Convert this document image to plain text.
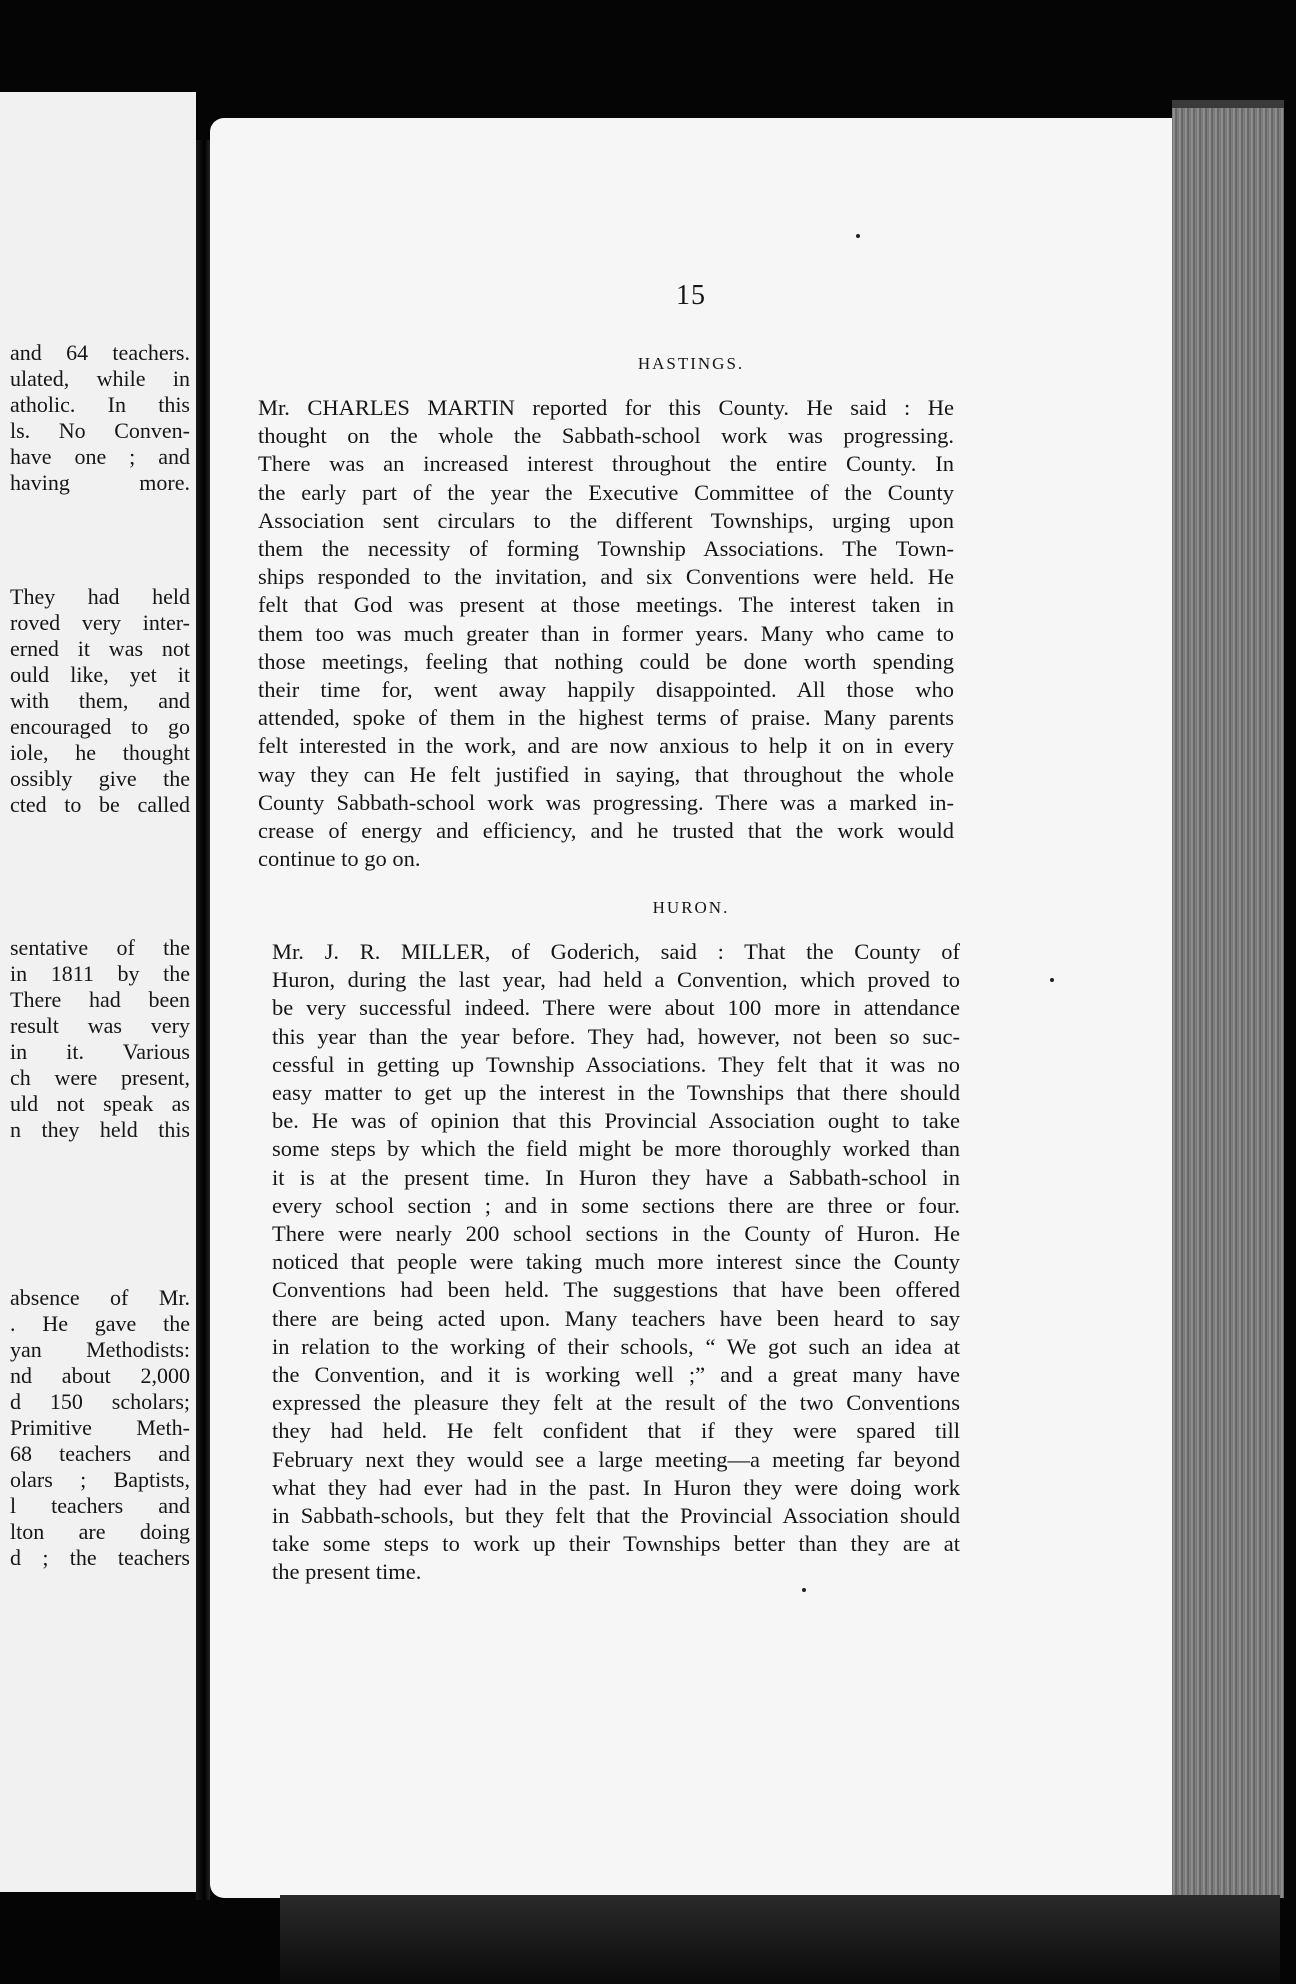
and 64 teachers.
ulated, while in
atholic. In this
ls. No Conven-
have one ; and
having more.
They had held
roved very inter-
erned it was not
ould like, yet it
with them, and
encouraged to go
iole, he thought
ossibly give the
cted to be called
sentative of the
in 1811 by the
There had been
result was very
in it. Various
ch were present,
uld not speak as
n they held this
absence of Mr.
. He gave the
yan Methodists:
nd about 2,000
d 150 scholars;
Primitive Meth-
68 teachers and
olars ; Baptists,
l teachers and
lton are doing
d ; the teachers
15
HASTINGS.
Mr. CHARLES MARTIN reported for this County. He said : He
thought on the whole the Sabbath-school work was progressing.
There was an increased interest throughout the entire County. In
the early part of the year the Executive Committee of the County
Association sent circulars to the different Townships, urging upon
them the necessity of forming Township Associations. The Town-
ships responded to the invitation, and six Conventions were held. He
felt that God was present at those meetings. The interest taken in
them too was much greater than in former years. Many who came to
those meetings, feeling that nothing could be done worth spending
their time for, went away happily disappointed. All those who
attended, spoke of them in the highest terms of praise. Many parents
felt interested in the work, and are now anxious to help it on in every
way they can He felt justified in saying, that throughout the whole
County Sabbath-school work was progressing. There was a marked in-
crease of energy and efficiency, and he trusted that the work would
continue to go on.
HURON.
Mr. J. R. MILLER, of Goderich, said : That the County of
Huron, during the last year, had held a Convention, which proved to
be very successful indeed. There were about 100 more in attendance
this year than the year before. They had, however, not been so suc-
cessful in getting up Township Associations. They felt that it was no
easy matter to get up the interest in the Townships that there should
be. He was of opinion that this Provincial Association ought to take
some steps by which the field might be more thoroughly worked than
it is at the present time. In Huron they have a Sabbath-school in
every school section ; and in some sections there are three or four.
There were nearly 200 school sections in the County of Huron. He
noticed that people were taking much more interest since the County
Conventions had been held. The suggestions that have been offered
there are being acted upon. Many teachers have been heard to say
in relation to the working of their schools, “ We got such an idea at
the Convention, and it is working well ;” and a great many have
expressed the pleasure they felt at the result of the two Conventions
they had held. He felt confident that if they were spared till
February next they would see a large meeting—a meeting far beyond
what they had ever had in the past. In Huron they were doing work
in Sabbath-schools, but they felt that the Provincial Association should
take some steps to work up their Townships better than they are at
the present time.
